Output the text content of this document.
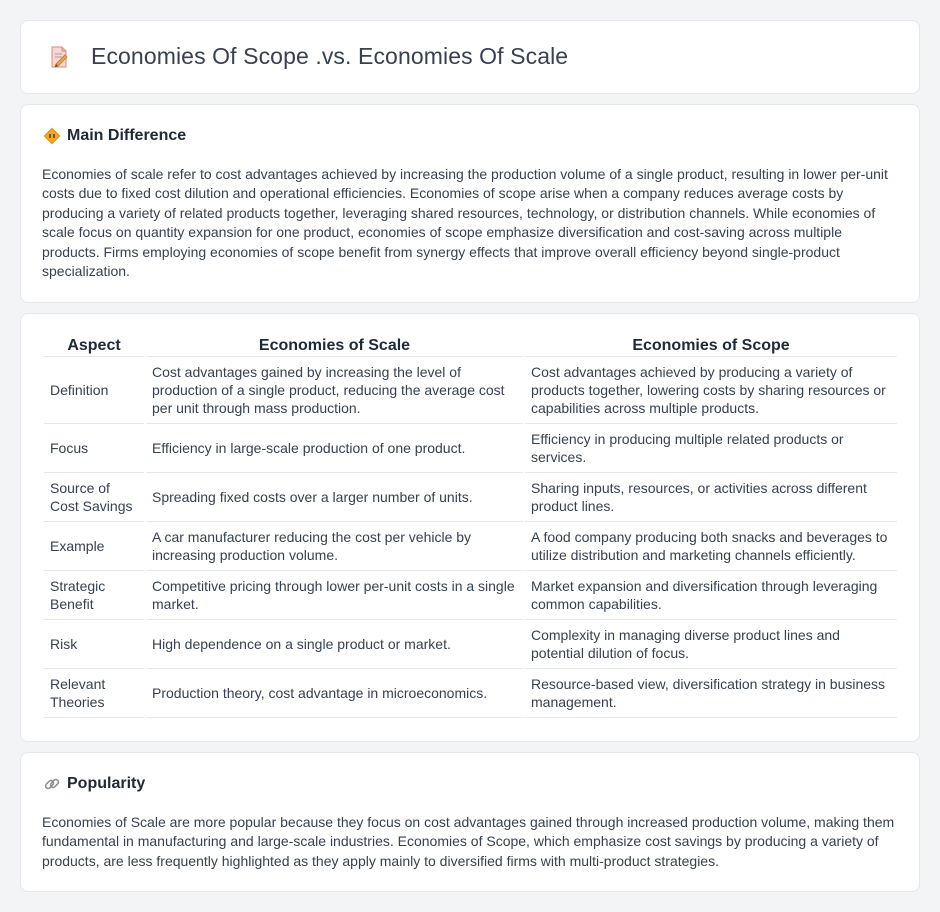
Economies Of Scope .vs. Economies Of Scale
Main Difference

Economies of scale refer to cost advantages achieved by increasing the production volume of a single product, resulting in lower per-unit costs due to fixed cost dilution and operational efficiencies. Economies of scope arise when a company reduces average costs by producing a variety of related products together, leveraging shared resources, technology, or distribution channels. While economies of scale focus on quantity expansion for one product, economies of scope emphasize diversification and cost-saving across multiple products. Firms employing economies of scope benefit from synergy effects that improve overall efficiency beyond single-product specialization.

Aspect	Economies of Scale	Economies of Scope
Definition	Cost advantages gained by increasing the level of production of a single product, reducing the average cost per unit through mass production.	Cost advantages achieved by producing a variety of products together, lowering costs by sharing resources or capabilities across multiple products.
Focus	Efficiency in large-scale production of one product.	Efficiency in producing multiple related products or services.
Source of Cost Savings	Spreading fixed costs over a larger number of units.	Sharing inputs, resources, or activities across different product lines.
Example	A car manufacturer reducing the cost per vehicle by increasing production volume.	A food company producing both snacks and beverages to utilize distribution and marketing channels efficiently.
Strategic Benefit	Competitive pricing through lower per-unit costs in a single market.	Market expansion and diversification through leveraging common capabilities.
Risk	High dependence on a single product or market.	Complexity in managing diverse product lines and potential dilution of focus.
Relevant Theories	Production theory, cost advantage in microeconomics.	Resource-based view, diversification strategy in business management.
Popularity

Economies of Scale are more popular because they focus on cost advantages gained through increased production volume, making them fundamental in manufacturing and large-scale industries. Economies of Scope, which emphasize cost savings by producing a variety of products, are less frequently highlighted as they apply mainly to diversified firms with multi-product strategies.
